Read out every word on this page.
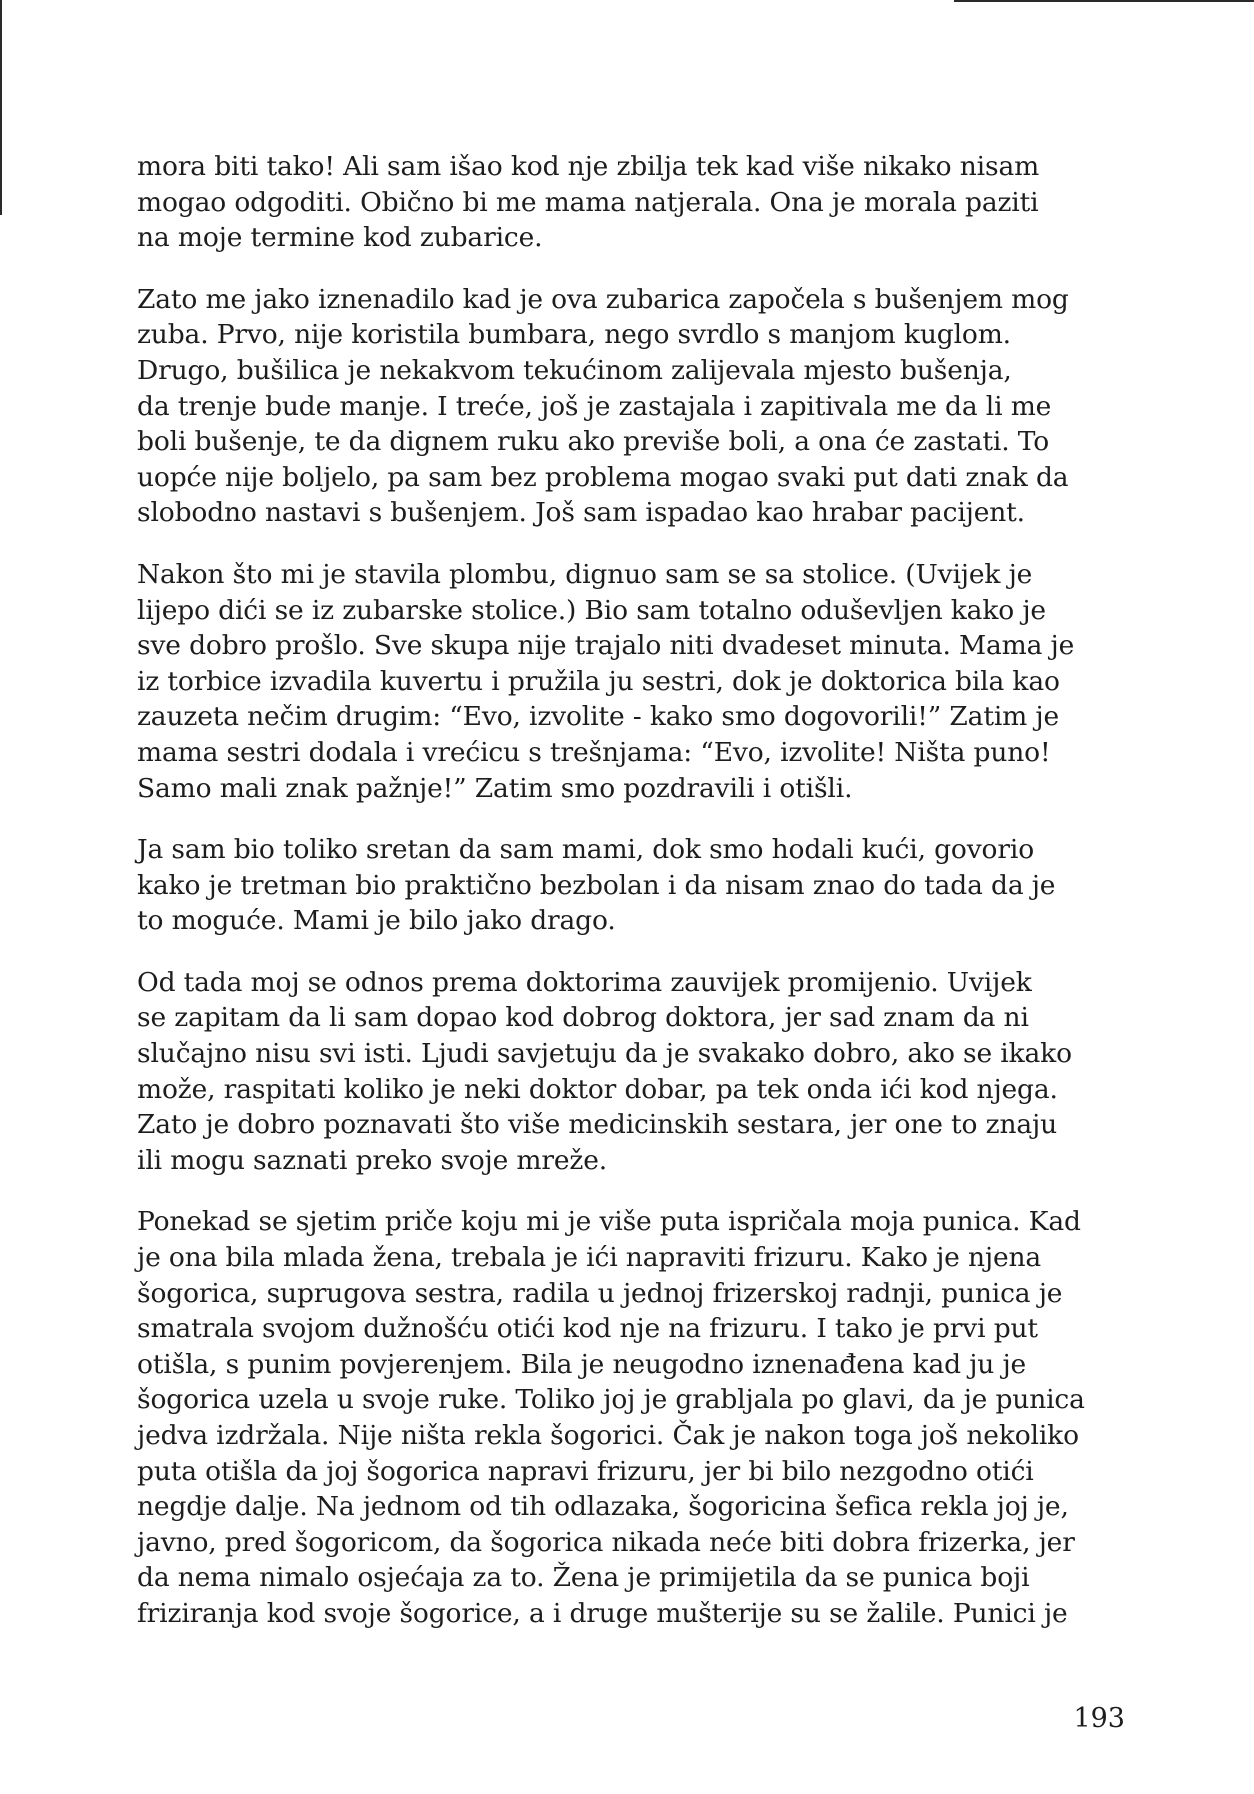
mora biti tako! Ali sam išao kod nje zbilja tek kad više nikako nisam
mogao odgoditi. Obično bi me mama natjerala. Ona je morala paziti
na moje termine kod zubarice.

Zato me jako iznenadilo kad je ova zubarica započela s bušenjem mog
zuba. Prvo, nije koristila bumbara, nego svrdlo s manjom kuglom.
Drugo, bušilica je nekakvom tekućinom zalijevala mjesto bušenja,
da trenje bude manje. I treće, još je zastajala i zapitivala me da li me
boli bušenje, te da dignem ruku ako previše boli, a ona će zastati. To
uopće nije boljelo, pa sam bez problema mogao svaki put dati znak da
slobodno nastavi s bušenjem. Još sam ispadao kao hrabar pacijent.

Nakon što mi je stavila plombu, dignuo sam se sa stolice. (Uvijek je
lijepo dići se iz zubarske stolice.) Bio sam totalno oduševljen kako je
sve dobro prošlo. Sve skupa nije trajalo niti dvadeset minuta. Mama je
iz torbice izvadila kuvertu i pružila ju sestri, dok je doktorica bila kao
zauzeta nečim drugim: “Evo, izvolite - kako smo dogovorili!” Zatim je
mama sestri dodala i vrećicu s trešnjama: “Evo, izvolite! Ništa puno!
Samo mali znak pažnje!” Zatim smo pozdravili i otišli.

Ja sam bio toliko sretan da sam mami, dok smo hodali kući, govorio
kako je tretman bio praktično bezbolan i da nisam znao do tada da je
to moguće. Mami je bilo jako drago.

Od tada moj se odnos prema doktorima zauvijek promijenio. Uvijek
se zapitam da li sam dopao kod dobrog doktora, jer sad znam da ni
slučajno nisu svi isti. Ljudi savjetuju da je svakako dobro, ako se ikako
može, raspitati koliko je neki doktor dobar, pa tek onda ići kod njega.
Zato je dobro poznavati što više medicinskih sestara, jer one to znaju
ili mogu saznati preko svoje mreže.

Ponekad se sjetim priče koju mi je više puta ispričala moja punica. Kad
je ona bila mlada žena, trebala je ići napraviti frizuru. Kako je njena
šogorica, suprugova sestra, radila u jednoj frizerskoj radnji, punica je
smatrala svojom dužnošću otići kod nje na frizuru. I tako je prvi put
otišla, s punim povjerenjem. Bila je neugodno iznenađena kad ju je
šogorica uzela u svoje ruke. Toliko joj je grabljala po glavi, da je punica
jedva izdržala. Nije ništa rekla šogorici. Čak je nakon toga još nekoliko
puta otišla da joj šogorica napravi frizuru, jer bi bilo nezgodno otići
negdje dalje. Na jednom od tih odlazaka, šogoricina šefica rekla joj je,
javno, pred šogoricom, da šogorica nikada neće biti dobra frizerka, jer
da nema nimalo osjećaja za to. Žena je primijetila da se punica boji
friziranja kod svoje šogorice, a i druge mušterije su se žalile. Punici je

193
